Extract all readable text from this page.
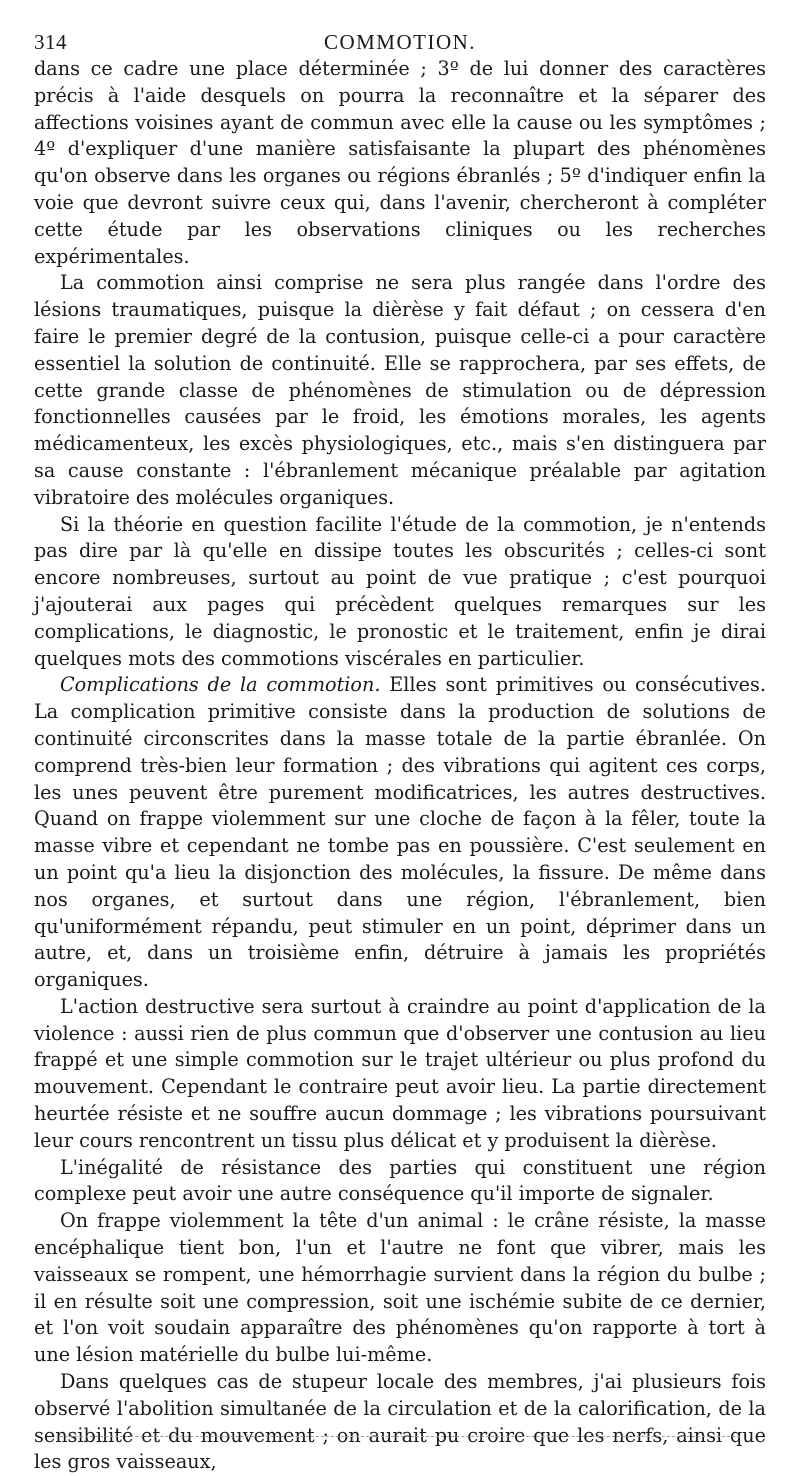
314	COMMOTION.

dans ce cadre une place déterminée ; 3º de lui donner des caractères précis à l'aide desquels on pourra la reconnaître et la séparer des affections voisines ayant de commun avec elle la cause ou les symptômes ; 4º d'expliquer d'une manière satisfaisante la plupart des phénomènes qu'on observe dans les organes ou régions ébranlés ; 5º d'indiquer enfin la voie que devront suivre ceux qui, dans l'avenir, chercheront à compléter cette étude par les observations cliniques ou les recherches expérimentales.

La commotion ainsi comprise ne sera plus rangée dans l'ordre des lésions traumatiques, puisque la dièrèse y fait défaut ; on cessera d'en faire le premier degré de la contusion, puisque celle-ci a pour caractère essentiel la solution de continuité. Elle se rapprochera, par ses effets, de cette grande classe de phénomènes de stimulation ou de dépression fonctionnelles causées par le froid, les émotions morales, les agents médicamenteux, les excès physiologiques, etc., mais s'en distinguera par sa cause constante : l'ébranlement mécanique préalable par agitation vibratoire des molécules organiques.

Si la théorie en question facilite l'étude de la commotion, je n'entends pas dire par là qu'elle en dissipe toutes les obscurités ; celles-ci sont encore nombreuses, surtout au point de vue pratique ; c'est pourquoi j'ajouterai aux pages qui précèdent quelques remarques sur les complications, le diagnostic, le pronostic et le traitement, enfin je dirai quelques mots des commotions viscérales en particulier.

Complications de la commotion. Elles sont primitives ou consécutives. La complication primitive consiste dans la production de solutions de continuité circonscrites dans la masse totale de la partie ébranlée. On comprend très-bien leur formation ; des vibrations qui agitent ces corps, les unes peuvent être purement modificatrices, les autres destructives. Quand on frappe violemment sur une cloche de façon à la fêler, toute la masse vibre et cependant ne tombe pas en poussière. C'est seulement en un point qu'a lieu la disjonction des molécules, la fissure. De même dans nos organes, et surtout dans une région, l'ébranlement, bien qu'uniformément répandu, peut stimuler en un point, déprimer dans un autre, et, dans un troisième enfin, détruire à jamais les propriétés organiques.

L'action destructive sera surtout à craindre au point d'application de la violence : aussi rien de plus commun que d'observer une contusion au lieu frappé et une simple commotion sur le trajet ultérieur ou plus profond du mouvement. Cependant le contraire peut avoir lieu. La partie directement heurtée résiste et ne souffre aucun dommage ; les vibrations poursuivant leur cours rencontrent un tissu plus délicat et y produisent la dièrèse.

L'inégalité de résistance des parties qui constituent une région complexe peut avoir une autre conséquence qu'il importe de signaler.

On frappe violemment la tête d'un animal : le crâne résiste, la masse encéphalique tient bon, l'un et l'autre ne font que vibrer, mais les vaisseaux se rompent, une hémorrhagie survient dans la région du bulbe ; il en résulte soit une compression, soit une ischémie subite de ce dernier, et l'on voit soudain apparaître des phénomènes qu'on rapporte à tort à une lésion matérielle du bulbe lui-même.

Dans quelques cas de stupeur locale des membres, j'ai plusieurs fois observé l'abolition simultanée de la circulation et de la calorification, de la sensibilité et du mouvement ; on aurait pu croire que les nerfs, ainsi que les gros vaisseaux,
